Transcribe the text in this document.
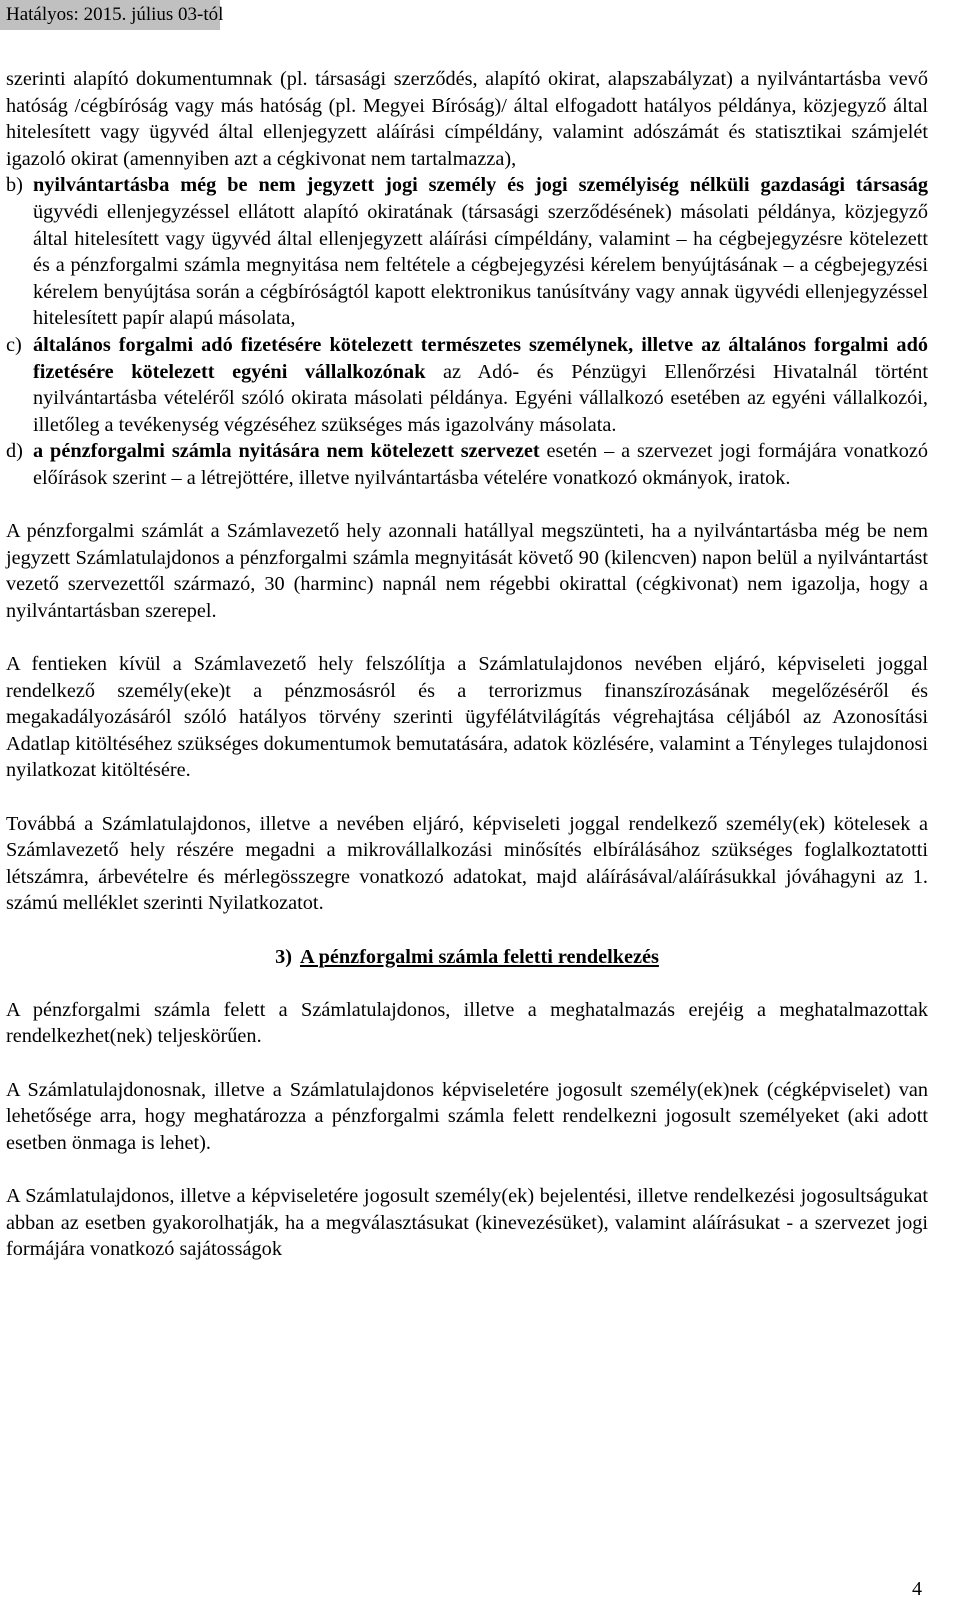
Hatályos: 2015. július 03-tól

szerinti alapító dokumentumnak (pl. társasági szerződés, alapító okirat, alapszabályzat) a nyilvántartásba vevő hatóság /cégbíróság vagy más hatóság (pl. Megyei Bíróság)/ által elfogadott hatályos példánya, közjegyző által hitelesített vagy ügyvéd által ellenjegyzett aláírási címpéldány, valamint adószámát és statisztikai számjelét igazoló okirat (amennyiben azt a cégkivonat nem tartalmazza),

b) nyilvántartásba még be nem jegyzett jogi személy és jogi személyiség nélküli gazdasági társaság ügyvédi ellenjegyzéssel ellátott alapító okiratának (társasági szerződésének) másolati példánya, közjegyző által hitelesített vagy ügyvéd által ellenjegyzett aláírási címpéldány, valamint – ha cégbejegyzésre kötelezett és a pénzforgalmi számla megnyitása nem feltétele a cégbejegyzési kérelem benyújtásának – a cégbejegyzési kérelem benyújtása során a cégbíróságtól kapott elektronikus tanúsítvány vagy annak ügyvédi ellenjegyzéssel hitelesített papír alapú másolata,

c) általános forgalmi adó fizetésére kötelezett természetes személynek, illetve az általános forgalmi adó fizetésére kötelezett egyéni vállalkozónak az Adó- és Pénzügyi Ellenőrzési Hivatalnál történt nyilvántartásba vételéről szóló okirata másolati példánya. Egyéni vállalkozó esetében az egyéni vállalkozói, illetőleg a tevékenység végzéséhez szükséges más igazolvány másolata.

d) a pénzforgalmi számla nyitására nem kötelezett szervezet esetén – a szervezet jogi formájára vonatkozó előírások szerint – a létrejöttére, illetve nyilvántartásba vételére vonatkozó okmányok, iratok.

A pénzforgalmi számlát a Számlavezető hely azonnali hatállyal megszünteti, ha a nyilvántartásba még be nem jegyzett Számlatulajdonos a pénzforgalmi számla megnyitását követő 90 (kilencven) napon belül a nyilvántartást vezető szervezettől származó, 30 (harminc) napnál nem régebbi okirattal (cégkivonat) nem igazolja, hogy a nyilvántartásban szerepel.

A fentieken kívül a Számlavezető hely felszólítja a Számlatulajdonos nevében eljáró, képviseleti joggal rendelkező személy(eke)t a pénzmosásról és a terrorizmus finanszírozásának megelőzéséről és megakadályozásáról szóló hatályos törvény szerinti ügyfélátvilágítás végrehajtása céljából az Azonosítási Adatlap kitöltéséhez szükséges dokumentumok bemutatására, adatok közlésére, valamint a Tényleges tulajdonosi nyilatkozat kitöltésére.

Továbbá a Számlatulajdonos, illetve a nevében eljáró, képviseleti joggal rendelkező személy(ek) kötelesek a Számlavezető hely részére megadni a mikrovállalkozási minősítés elbírálásához szükséges foglalkoztatotti létszámra, árbevételre és mérlegösszegre vonatkozó adatokat, majd aláírásával/aláírásukkal jóváhagyni az 1. számú melléklet szerinti Nyilatkozatot.

3) A pénzforgalmi számla feletti rendelkezés

A pénzforgalmi számla felett a Számlatulajdonos, illetve a meghatalmazás erejéig a meghatalmazottak rendelkezhet(nek) teljeskörűen.

A Számlatulajdonosnak, illetve a Számlatulajdonos képviseletére jogosult személy(ek)nek (cégképviselet) van lehetősége arra, hogy meghatározza a pénzforgalmi számla felett rendelkezni jogosult személyeket (aki adott esetben önmaga is lehet).

A Számlatulajdonos, illetve a képviseletére jogosult személy(ek) bejelentési, illetve rendelkezési jogosultságukat abban az esetben gyakorolhatják, ha a megválasztásukat (kinevezésüket), valamint aláírásukat - a szervezet jogi formájára vonatkozó sajátosságok

4
